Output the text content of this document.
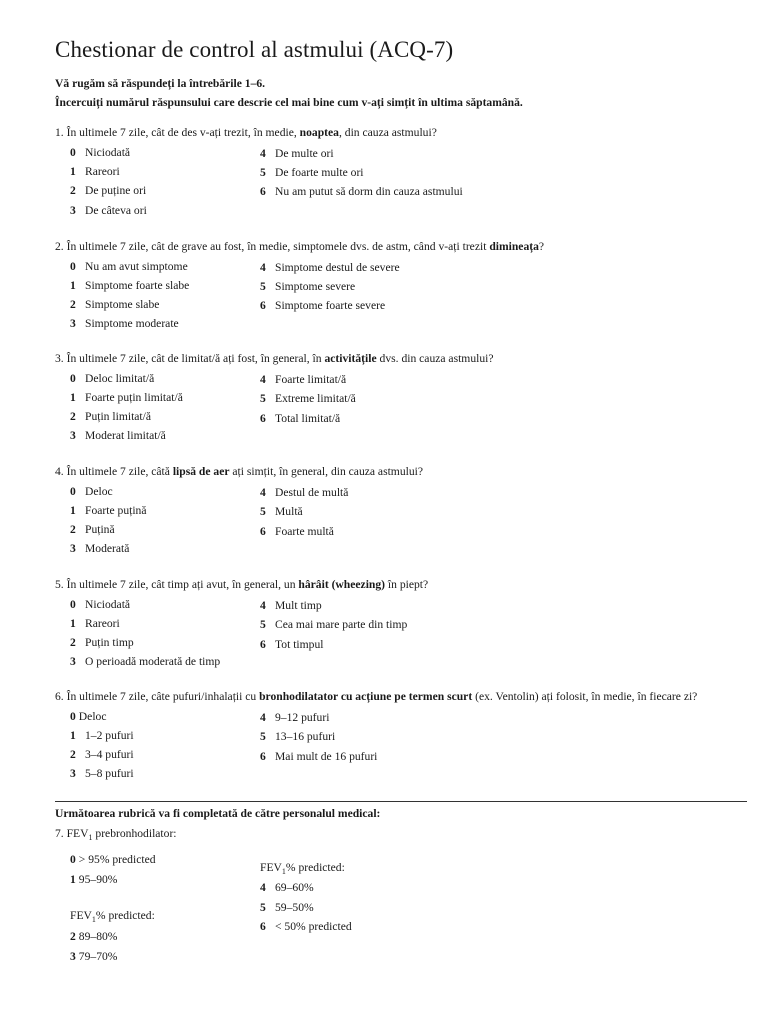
Chestionar de control al astmului (ACQ-7)
Vă rugăm să răspundeți la întrebările 1–6.
Încercuiți numărul răspunsului care descrie cel mai bine cum v-ați simțit în ultima săptamână.
1. În ultimele 7 zile, cât de des v-ați trezit, în medie, noaptea, din cauza astmului?
0 Niciodată
1 Rareori
2 De puține ori
3 De câteva ori
4 De multe ori
5 De foarte multe ori
6 Nu am putut să dorm din cauza astmului
2. În ultimele 7 zile, cât de grave au fost, în medie, simptomele dvs. de astm, când v-ați trezit dimineața?
0 Nu am avut simptome
1 Simptome foarte slabe
2 Simptome slabe
3 Simptome moderate
4 Simptome destul de severe
5 Simptome severe
6 Simptome foarte severe
3. În ultimele 7 zile, cât de limitat/ă ați fost, în general, în activitățile dvs. din cauza astmului?
0 Deloc limitat/ă
1 Foarte puțin limitat/ă
2 Puțin limitat/ă
3 Moderat limitat/ă
4 Foarte limitat/ă
5 Extreme limitat/ă
6 Total limitat/ă
4. În ultimele 7 zile, câtă lipsă de aer ați simțit, în general, din cauza astmului?
0 Deloc
1 Foarte puțină
2 Puțină
3 Moderată
4 Destul de multă
5 Multă
6 Foarte multă
5. În ultimele 7 zile, cât timp ați avut, în general, un hârâit (wheezing) în piept?
0 Niciodată
1 Rareori
2 Puțin timp
3 O perioadă moderată de timp
4 Mult timp
5 Cea mai mare parte din timp
6 Tot timpul
6. În ultimele 7 zile, câte pufuri/inhalații cu bronhodilatator cu acțiune pe termen scurt (ex. Ventolin) ați folosit, în medie, în fiecare zi?
0 Deloc
1 1–2 pufuri
2 3–4 pufuri
3 5–8 pufuri
4 9–12 pufuri
5 13–16 pufuri
6 Mai mult de 16 pufuri
Următoarea rubrică va fi completată de către personalul medical:
7. $FEV_1$ prebronhodilator:
0 > 95% predicted
1 95–90%
$FEV_1\%$ predicted:
2 89–80%
3 79–70%
$FEV_1\%$ predicted:
4 69–60%
5 59–50%
6 < 50% predicted
